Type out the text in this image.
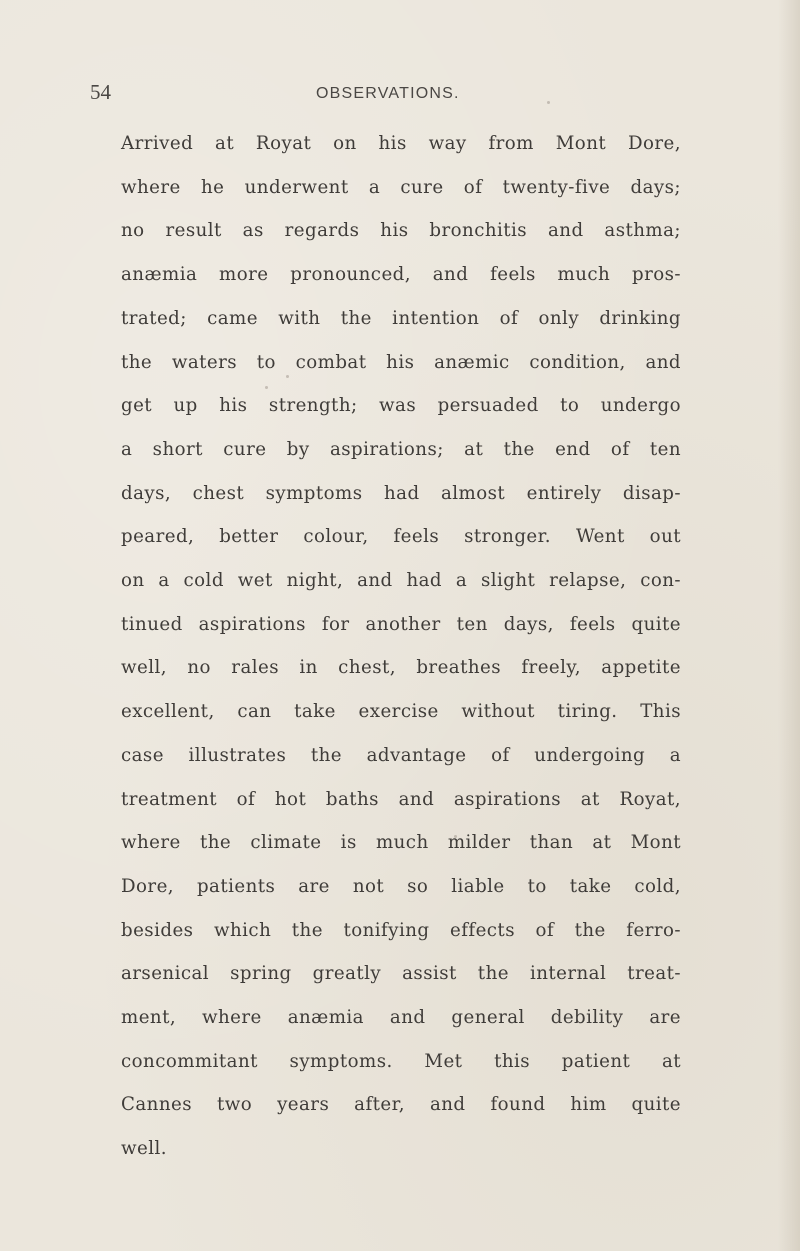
54	OBSERVATIONS.
Arrived at Royat on his way from Mont Dore,
where he underwent a cure of twenty-five days;
no result as regards his bronchitis and asthma;
anæmia more pronounced, and feels much pros-
trated; came with the intention of only drinking
the waters to combat his anæmic condition, and
get up his strength; was persuaded to undergo
a short cure by aspirations; at the end of ten
days, chest symptoms had almost entirely disap-
peared, better colour, feels stronger. Went out
on a cold wet night, and had a slight relapse, con-
tinued aspirations for another ten days, feels quite
well, no rales in chest, breathes freely, appetite
excellent, can take exercise without tiring. This
case illustrates the advantage of undergoing a
treatment of hot baths and aspirations at Royat,
where the climate is much milder than at Mont
Dore, patients are not so liable to take cold,
besides which the tonifying effects of the ferro-
arsenical spring greatly assist the internal treat-
ment, where anæmia and general debility are
concommitant symptoms. Met this patient at
Cannes two years after, and found him quite
well.
